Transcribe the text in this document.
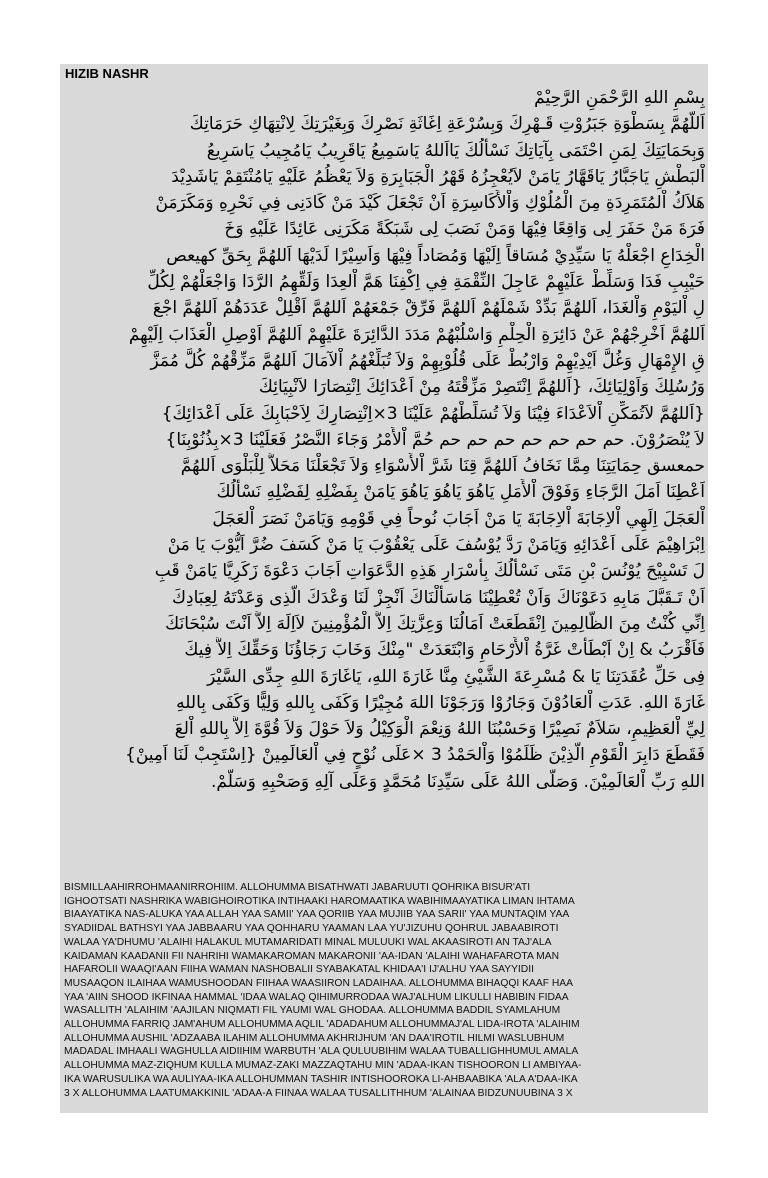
HIZIB NASHR

بِسْمِ اللهِ الرَّحْمَنِ الرَّحِيْمْ
اَللَّهُمَّ بِسَطْوَةِ جَبَرُوْتِ قَـهْرِكَ وَبِسُرْعَةِ اِغَاثَةِ نَصْرِكَ وَبِغَيْرَتِكَ لِانْتِهَاكِ حَرَمَاتِكَ
وَبِحَمَايَتِكَ لِمَنِ احْتَمَى بِآيَاتِكَ نَسْأَلُكَ يَااَللهُ يَاسَمِيعُ يَاقَرِيبُ يَامُجِيبُ يَاسَرِيعُ
اْلبَطْشِ يَاجَبَّارُ يَاقَهَّارُ يَامَنْ لاَيُعْجِزُهُ قَهْرُ الْجَبَابِرَةِ وَلاَ يَعْظُمُ عَلَيْهِ يَامُنْتَقِمْ يَاشَدِيْدَ
هَلاَكُ اْلمُتَمَرِدَةِ مِنَ الْمُلُوْكِ وَاْلأَكَاسِرَةِ اَنْ تَجْعَلَ كَيْدَ مَنْ كَادَنِى فِي نَحْرِهِ وَمَكَرَمَنْ
فَرَةَ مَنْ حَفَرَ لِى وَاقِعًا فِيْهَا وَمَنْ نَصَبَ لِى شَبَكَةً مَكَرَنِى عَائِدًا عَلَيْهِ وَخَ
الْخِدَاعِ اجْعَلْهُ يَا سَيِّدِيْ مُسَاقاً اِلَيْهَا وَمُصَاداً فِيْهَا وَاَسِيْرًا لَدَيْهَا اَللهُمَّ بِحَقِّ كهيعص
حَيْبِبِ فَدَا وَسَلِّطْ عَلَيْهِمْ عَاجِلَ النِّقْمَةِ فِي اِكْفِنَا هَمَّ اْلعِدَا وَلَقِّهِمُ الرَّدَا وَاجْعَلْهُمْ لِكُلِّ
لِ اْليَوْمِ وَاْلغَدَا، اَللهُمَّ بَدِّدْ شَمْلَهُمْ اَللهُمَّ فَرِّقْ جَمْعَهُمْ اَللهُمَّ اَقْلِلْ عَدَدَهُمْ اَللهُمَّ اجْعَ
اَللهُمَّ اَخْرِجْهُمْ عَنْ دَائِرَةِ الْحِلْمِ وَاسْلُبْهُمْ مَدَدَ الدَّائِرَةَ عَلَيْهِمْ اَللهُمَّ اَوْصِلِ الْعَذَابَ اِلَيْهِمْ
قِ الإِمْهَالِ وَغُلَّ اَيْدِيْهِمْ وَارْبُطْ عَلَى قُلُوْبِهِمْ وَلاَ تُبَلِّغْهُمُ اْلآمَالَ اَللهُمَّ مَزِّقْهُمْ كُلَّ مُمَزَّ
وَرُسُلِكَ وَاَوْلِيَائِكَ، {اَللهُمَّ اِنْتَصِرْ مَزِّقْتَهُ مِنْ اَعْدَائِكَ اِنْتِصَارَا لاَنْبِيَائِكَ
{اَللهُمَّ لاَتُمَكِّنِ اْلاَعْدَاءَ فِيْنَا وَلاَ تُسَلِّطْهُمْ عَلَيْنَا 3×اِنْتِصَارِكَ لِاَحْبَابِكَ عَلَى اَعْدَائِكَ}
لاَ يُنْصَرُوْنَ. حم حم حم حم حم حم حم حُمَّ اْلأَمْرُ وَجَاءَ النَّصْرُ فَعَلَيْنَا 3×بِذُنُوْبِنَا}
حمعسق حِمَايَتِنَا مِمَّا نَخَافُ اَللهُمَّ قِنَا شَرَّ اْلأَسْوَاءِ وَلاَ تَجْعَلْنَا مَحَلاًّ لِلْبَلْوَى اَللهُمَّ
اَعْطِنَا اَمَلَ الرَّجَاءِ وَفَوْقَ اْلأَمَلِ يَاهُوَ يَاهُوَ يَاهُوَ يَامَنْ بِفَضْلِهِ لِفَضْلِهِ نَسْأَلُكَ
اْلعَجَلَ اِلَهِي اْلاِجَابَةَ اْلاِجَابَةَ يَا مَنْ اَجَابَ نُوحاً فِي قَوْمِهِ وَيَامَنْ نَصَرَ اْلعَجَلَ
اِبْرَاهِيْمَ عَلَى اَعْدَائِهِ وَيَامَنْ رَدَّ يُوْسُفَ عَلَى يَعْقُوْبَ يَا مَنْ كَسَفَ ضُرَّ اَيُّوْبَ يَا مَنْ
لَ تَسْبِيْحَ يُوْنُسَ بْنِ مَتَى نَسْأَلُكَ بِأَسْرَارِ هَذِهِ الدَّعَوَاتِ اَجَابَ دَعْوَةَ زَكَرِيَّا يَامَنْ قَبِ
اَنْ تَـقَبَّلَ مَابِهِ دَعَوْنَاكَ وَاَنْ تُعْطِيْنَا مَاسَأَلْنَاكَ اَنْجِزْ لَنَا وَعْدَكَ الَّذِى وَعَدْتَهُ لِعِبَادِكَ
اِنِّي كُنْتُ مِنَ الظَّالِمِينَ اِنْقَطَعَتْ اَمَالُنَا وَعِزَّتِكَ اِلاَّ الْمُؤْمِنِينَ لاَاِلَهَ اِلاَّ اَنْتَ سُبْحَانَكَ
فَاَقْرَبُ & اِنْ اَبْطَأَتْ غَرَّةُ اْلأَرْحَامِ وَابْتَعَدَتْ "مِنْكَ وَخَابَ رَجَاؤُنَا وَحَقِّكَ اِلاَّ فِيكَ
فِى حَلِّ عُقَدَتِنَا يَا & مُسْرِعَةَ الشَّيْئِ مِنَّا غَارَةَ اللهِ، يَاغَارَةَ اللهِ جِدِّى السَّيْرَ
غَارَةَ اللهِ. عَدَتِ اْلعَادُوْنَ وَجَارُوْا وَرَجَوْنَا اللهَ مُجِيْرًا وَكَفَى بِاللهِ وَلِيًّا وَكَفَى بِاللهِ
لِيِّ اْلعَظِيمِ، سَلاَمٌ نَصِيْرًا وَحَسْبُنَا اللهُ وَنِعْمَ الْوَكِيْلُ وَلاَ حَوْلَ وَلاَ قُوَّةَ اِلاَّ بِاللهِ اْلعَ
فَقَطَعَ دَابِرَ الْقَوْمِ الَّذِيْنَ ظَلَمُوْا وَاْلحَمْدُ 3 ×عَلَى نُوْحٍ فِي اْلعَالَمِينْ {اِسْتَجِبْ لَنَا اَمِينْ}
اللهِ رَبِّ اْلعَالَمِيْنَ. وَصَلَّى اللهُ عَلَى سَيِّدِنَا مُحَمَّدٍ وَعَلَى آلِهِ وَصَحْبِهِ وَسَلَّمْ.
BISMILLAAHIRROHMAANIRROHIIM. ALLOHUMMA BISATHWATI JABARUUTI QOHRIKA BISUR'ATI
IGHOOTSATI NASHRIKA WABIGHOIROTIKA INTIHAAKI HAROMAATIKA WABIHIMAAYATIKA LIMAN IHTAMA
BIAAYATIKA NAS-ALUKA YAA ALLAH YAA SAMII' YAA QORIIB YAA MUJIIB YAA SARII' YAA MUNTAQIM YAA
SYADIIDAL BATHSYI YAA JABBAARU YAA QOHHARU YAAMAN LAA YU'JIZUHU QOHRUL JABAABIROTI
WALAA YA'DHUMU 'ALAIHI HALAKUL MUTAMARIDATI MINAL MULUUKI WAL AKAASIROTI AN TAJ'ALA
KAIDAMAN KAADANII FII NAHRIHI WAMAKAROMAN MAKARONII 'AA-IDAN 'ALAIHI WAHAFAROTA MAN
HAFAROLII WAAQI'AAN FIIHA WAMAN NASHOBALII SYABAKATAL KHIDAA'I IJ'ALHU YAA SAYYIDII
MUSAAQON ILAIHAA WAMUSHOODAN FIIHAA WAASIIRON LADAIHAA. ALLOHUMMA BIHAQQI KAAF HAA
YAA 'AIIN SHOOD IKFINAA HAMMAL 'IDAA WALAQ QIHIMURRODAA WAJ'ALHUM LIKULLI HABIBIN FIDAA
WASALLITH 'ALAIHIM 'AAJILAN NIQMATI FIL YAUMI WAL GHODAA. ALLOHUMMA BADDIL SYAMLAHUM
ALLOHUMMA FARRIQ JAM'AHUM ALLOHUMMA AQLIL 'ADADAHUM ALLOHUMMAJ'AL LIDA-IROTA 'ALAIHIM
ALLOHUMMA AUSHIL 'ADZAABA ILAHIM ALLOHUMMA AKHRIJHUM 'AN DAA'IROTIL HILMI WASLUBHUM
MADADAL IMHAALI WAGHULLA AIDIIHIM WARBUTH 'ALA QULUUBIHIM WALAA TUBALLIGHHUMUL AMALA
ALLOHUMMA MAZ-ZIQHUM KULLA MUMAZ-ZAKI MAZZAQTAHU MIN 'ADAA-IKAN TISHOORON LI AMBIYAA-
IKA WARUSULIKA WA AULIYAA-IKA ALLOHUMMAN TASHIR INTISHOOROKA LI-AHBAABIKA 'ALA A'DAA-IKA
3 X ALLOHUMMA LAATUMAKKINIL 'ADAA-A FIINAA WALAA TUSALLITHHUM 'ALAINAA BIDZUNUUBINA 3 X
